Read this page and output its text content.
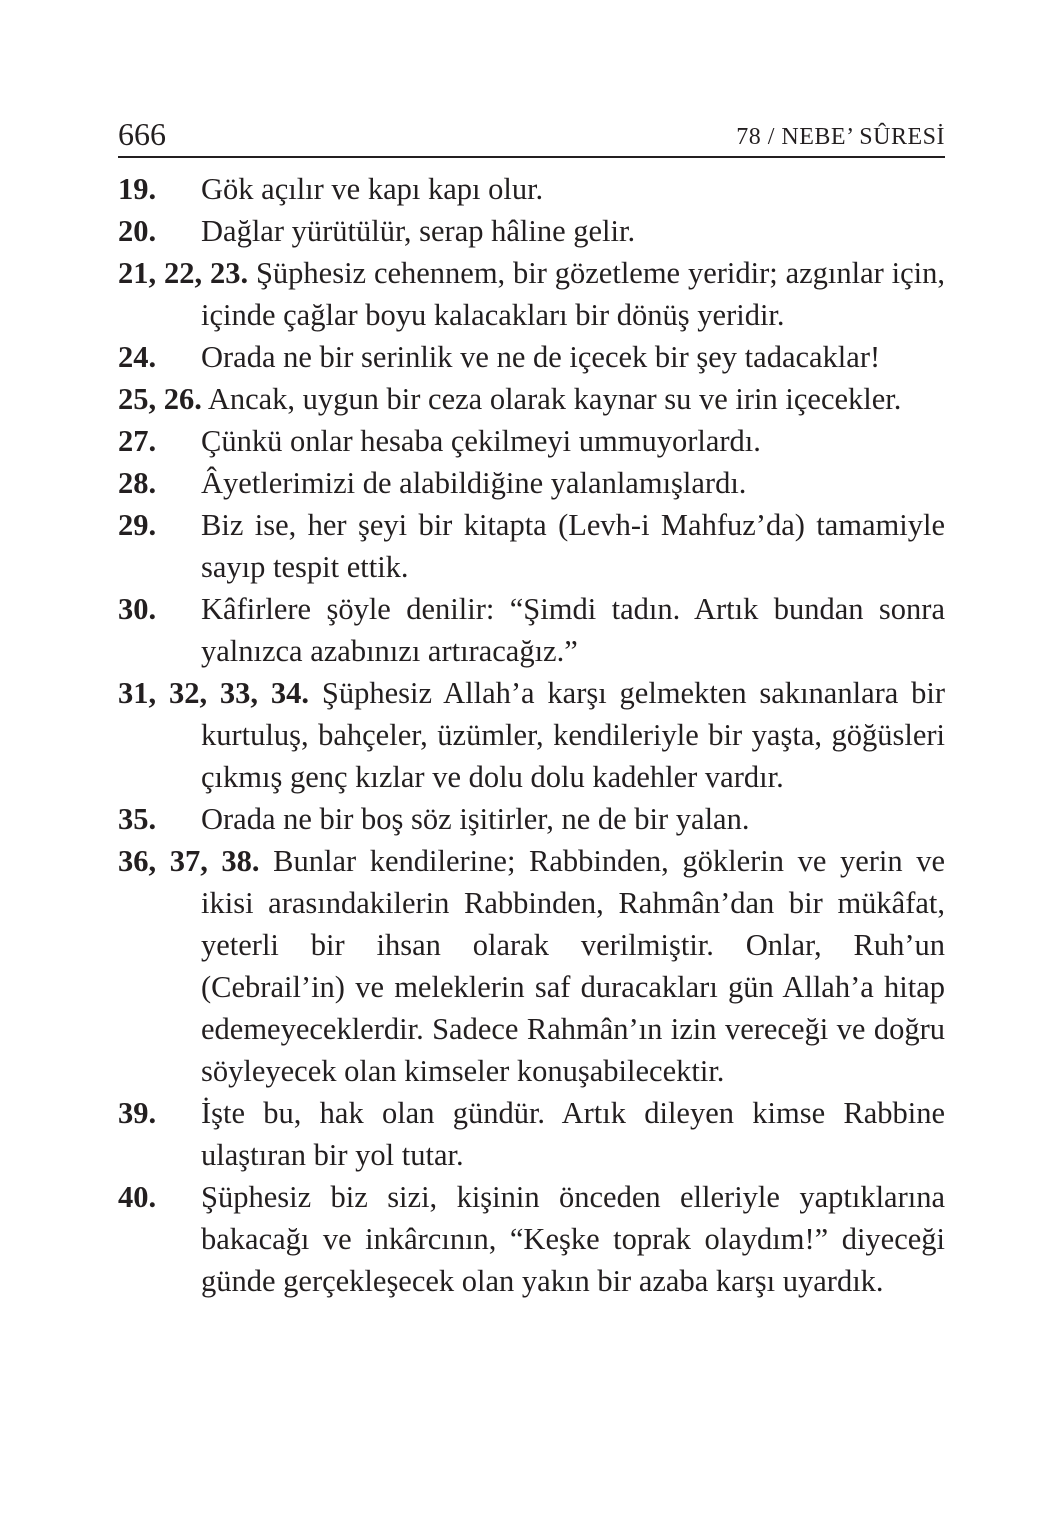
666	78 / NEBE’ SÛRESİ

19. Gök açılır ve kapı kapı olur.

20. Dağlar yürütülür, serap hâline gelir.

21, 22, 23. Şüphesiz cehennem, bir gözetleme yeridir; azgınlar için, içinde çağlar boyu kalacakları bir dönüş yeridir.

24. Orada ne bir serinlik ve ne de içecek bir şey tadacaklar!

25, 26. Ancak, uygun bir ceza olarak kaynar su ve irin içecekler.

27. Çünkü onlar hesaba çekilmeyi ummuyorlardı.

28. Âyetlerimizi de alabildiğine yalanlamışlardı.

29. Biz ise, her şeyi bir kitapta (Levh-i Mahfuz’da) tamamiyle sayıp tespit ettik.

30. Kâfirlere şöyle denilir: “Şimdi tadın. Artık bundan sonra yalnızca azabınızı artıracağız.”

31, 32, 33, 34. Şüphesiz Allah’a karşı gelmekten sakınanlara bir kurtuluş, bahçeler, üzümler, kendileriyle bir yaşta, göğüsleri çıkmış genç kızlar ve dolu dolu kadehler vardır.

35. Orada ne bir boş söz işitirler, ne de bir yalan.

36, 37, 38. Bunlar kendilerine; Rabbinden, göklerin ve yerin ve ikisi arasındakilerin Rabbinden, Rahmân’dan bir mükâfat, yeterli bir ihsan olarak verilmiştir. Onlar, Ruh’un (Cebrail’in) ve meleklerin saf duracakları gün Allah’a hitap edemeyeceklerdir. Sadece Rahmân’ın izin vereceği ve doğru söyleyecek olan kimseler konuşabilecektir.

39. İşte bu, hak olan gündür. Artık dileyen kimse Rabbine ulaştıran bir yol tutar.

40. Şüphesiz biz sizi, kişinin önceden elleriyle yaptıklarına bakacağı ve inkârcının, “Keşke toprak olaydım!” diyeceği günde gerçekleşecek olan yakın bir azaba karşı uyardık.
